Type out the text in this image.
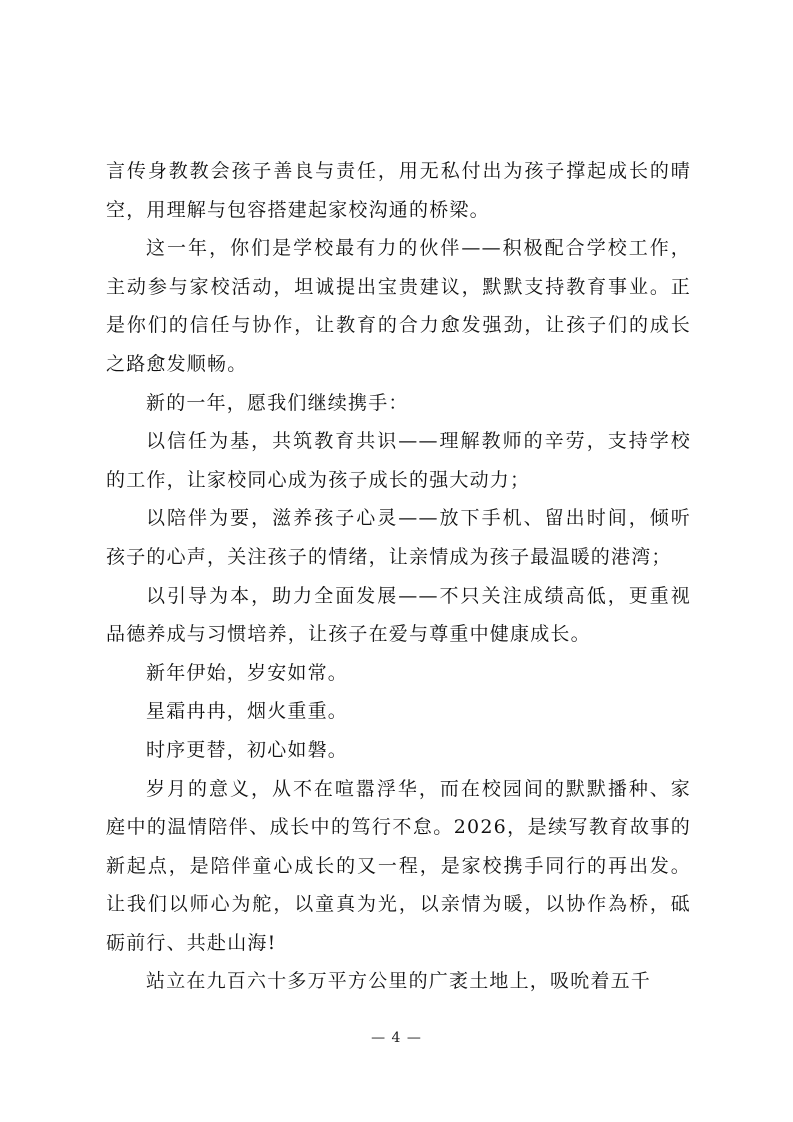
言传身教教会孩子善良与责任，用无私付出为孩子撑起成长的晴空，用理解与包容搭建起家校沟通的桥梁。

这一年，你们是学校最有力的伙伴——积极配合学校工作，主动参与家校活动，坦诚提出宝贵建议，默默支持教育事业。正是你们的信任与协作，让教育的合力愈发强劲，让孩子们的成长之路愈发顺畅。

新的一年，愿我们继续携手：

以信任为基，共筑教育共识——理解教师的辛劳，支持学校的工作，让家校同心成为孩子成长的强大动力；

以陪伴为要，滋养孩子心灵——放下手机、留出时间，倾听孩子的心声，关注孩子的情绪，让亲情成为孩子最温暖的港湾；

以引导为本，助力全面发展——不只关注成绩高低，更重视品德养成与习惯培养，让孩子在爱与尊重中健康成长。

新年伊始，岁安如常。

星霜冉冉，烟火重重。

时序更替，初心如磐。

岁月的意义，从不在喧嚣浮华，而在校园间的默默播种、家庭中的温情陪伴、成长中的笃行不怠。2026，是续写教育故事的新起点，是陪伴童心成长的又一程，是家校携手同行的再出发。让我们以师心为舵，以童真为光，以亲情为暖，以协作為桥，砥砺前行、共赴山海!

站立在九百六十多万平方公里的广袤土地上，吸吮着五千

— 4 —
